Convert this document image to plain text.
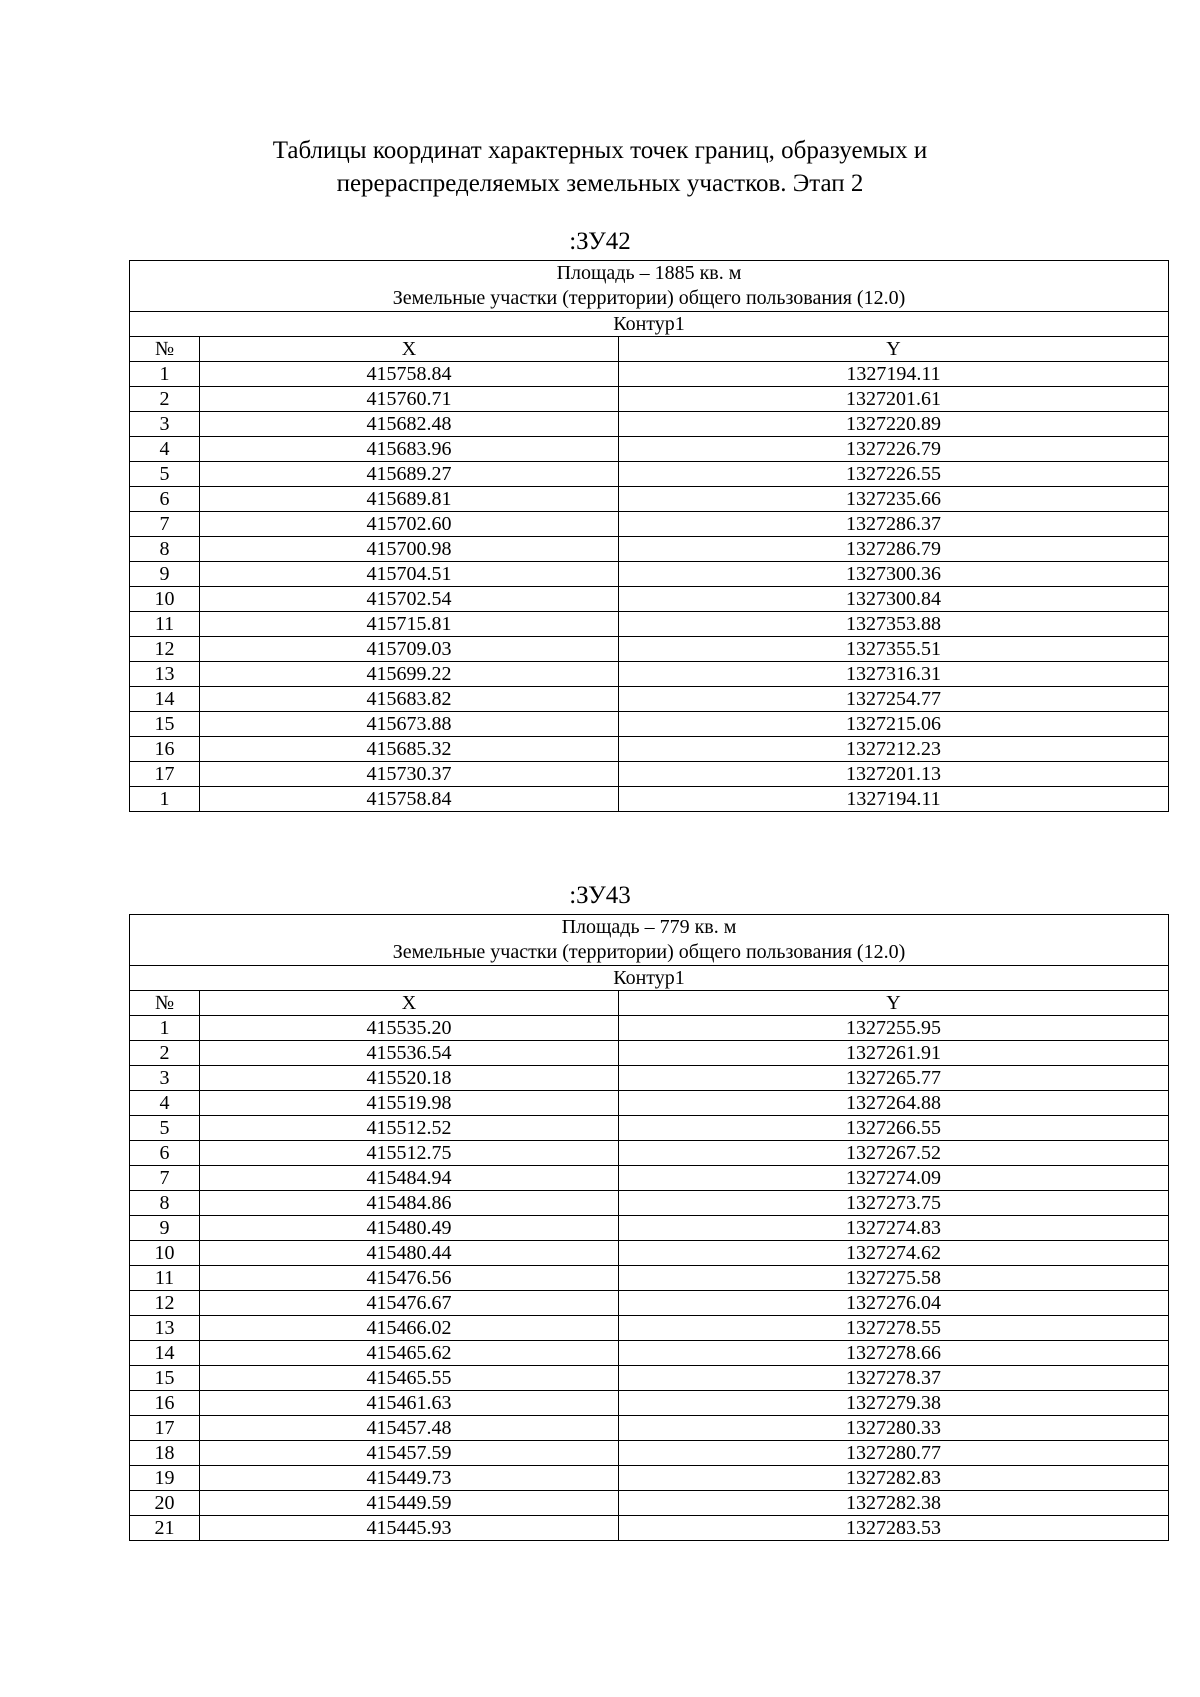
Таблицы координат характерных точек границ, образуемых и
перераспределяемых земельных участков. Этап 2
:ЗУ42
Площадь – 1885 кв. м
Земельные участки (территории) общего пользования (12.0)		

Контур1		
№	X	Y
1	415758.84	1327194.11
2	415760.71	1327201.61
3	415682.48	1327220.89
4	415683.96	1327226.79
5	415689.27	1327226.55
6	415689.81	1327235.66
7	415702.60	1327286.37
8	415700.98	1327286.79
9	415704.51	1327300.36
10	415702.54	1327300.84
11	415715.81	1327353.88
12	415709.03	1327355.51
13	415699.22	1327316.31
14	415683.82	1327254.77
15	415673.88	1327215.06
16	415685.32	1327212.23
17	415730.37	1327201.13
1	415758.84	1327194.11
:ЗУ43
Площадь – 779 кв. м
Земельные участки (территории) общего пользования (12.0)		

Контур1		
№	X	Y
1	415535.20	1327255.95
2	415536.54	1327261.91
3	415520.18	1327265.77
4	415519.98	1327264.88
5	415512.52	1327266.55
6	415512.75	1327267.52
7	415484.94	1327274.09
8	415484.86	1327273.75
9	415480.49	1327274.83
10	415480.44	1327274.62
11	415476.56	1327275.58
12	415476.67	1327276.04
13	415466.02	1327278.55
14	415465.62	1327278.66
15	415465.55	1327278.37
16	415461.63	1327279.38
17	415457.48	1327280.33
18	415457.59	1327280.77
19	415449.73	1327282.83
20	415449.59	1327282.38
21	415445.93	1327283.53
